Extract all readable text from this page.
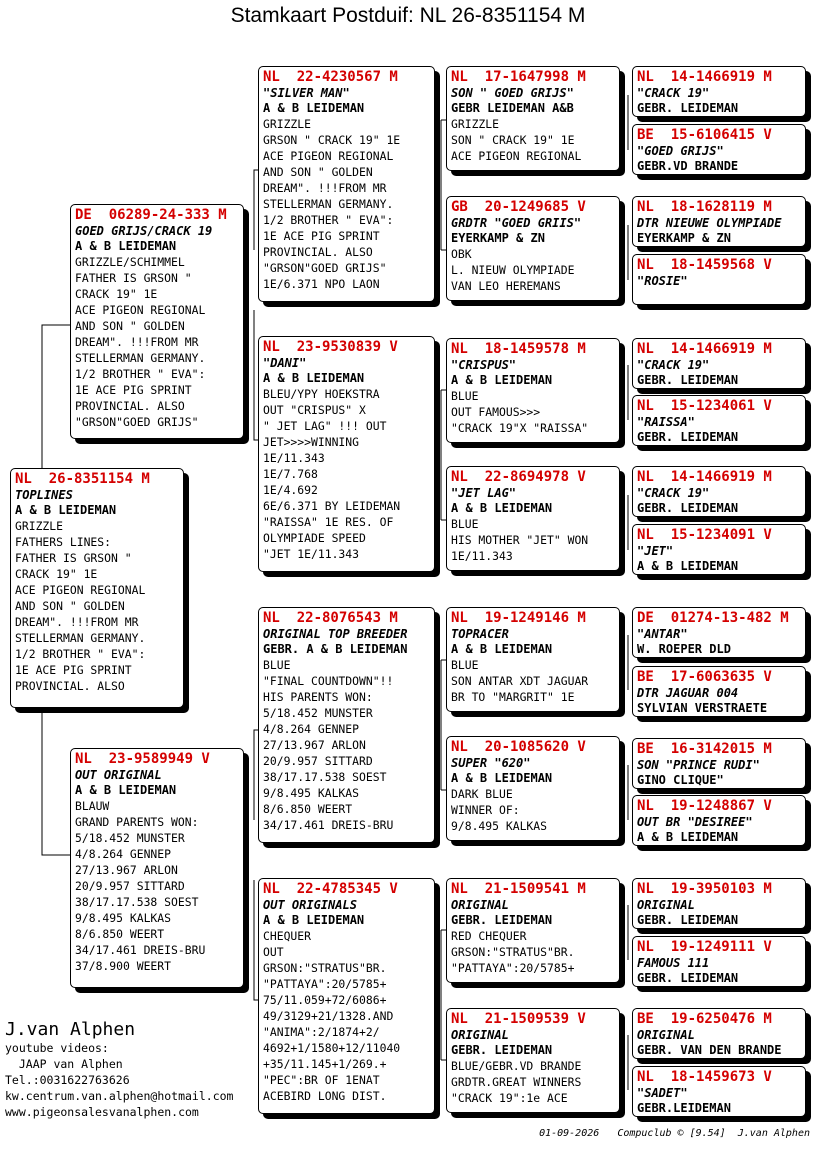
Stamkaart Postduif: NL 26-8351154 M
NL  26-8351154 M
TOPLINES
A & B LEIDEMAN
GRIZZLE
FATHERS LINES:
FATHER IS GRSON "
CRACK 19" 1E
ACE PIGEON REGIONAL
AND SON " GOLDEN
DREAM". !!!FROM MR
STELLERMAN GERMANY.
1/2 BROTHER " EVA":
1E ACE PIG SPRINT
PROVINCIAL. ALSO
DE  06289-24-333 M
GOED GRIJS/CRACK 19
A & B LEIDEMAN
GRIZZLE/SCHIMMEL
FATHER IS GRSON "
CRACK 19" 1E
ACE PIGEON REGIONAL
AND SON " GOLDEN
DREAM". !!!FROM MR
STELLERMAN GERMANY.
1/2 BROTHER " EVA":
1E ACE PIG SPRINT
PROVINCIAL. ALSO
"GRSON"GOED GRIJS"
NL  23-9589949 V
OUT ORIGINAL
A & B LEIDEMAN
BLAUW
GRAND PARENTS WON:
5/18.452 MUNSTER
4/8.264 GENNEP
27/13.967 ARLON
20/9.957 SITTARD
38/17.17.538 SOEST
9/8.495 KALKAS
8/6.850 WEERT
34/17.461 DREIS-BRU
37/8.900 WEERT
NL  22-4230567 M
"SILVER MAN"
A & B LEIDEMAN
GRIZZLE
GRSON " CRACK 19" 1E
ACE PIGEON REGIONAL
AND SON " GOLDEN
DREAM". !!!FROM MR
STELLERMAN GERMANY.
1/2 BROTHER " EVA":
1E ACE PIG SPRINT
PROVINCIAL. ALSO
"GRSON"GOED GRIJS"
1E/6.371 NPO LAON
NL  23-9530839 V
"DANI"
A & B LEIDEMAN
BLEU/YPY HOEKSTRA
OUT "CRISPUS" X
" JET LAG" !!! OUT
JET>>>>WINNING
1E/11.343
1E/7.768
1E/4.692
6E/6.371 BY LEIDEMAN
"RAISSA" 1E RES. OF
OLYMPIADE SPEED
"JET 1E/11.343
NL  22-8076543 M
ORIGINAL TOP BREEDER
GEBR. A & B LEIDEMAN
BLUE
"FINAL COUNTDOWN"!!
HIS PARENTS WON:
5/18.452 MUNSTER
4/8.264 GENNEP
27/13.967 ARLON
20/9.957 SITTARD
38/17.17.538 SOEST
9/8.495 KALKAS
8/6.850 WEERT
34/17.461 DREIS-BRU
NL  22-4785345 V
OUT ORIGINALS
A & B LEIDEMAN
CHEQUER
OUT
GRSON:"STRATUS"BR.
"PATTAYA":20/5785+
75/11.059+72/6086+
49/3129+21/1328.AND
"ANIMA":2/1874+2/
4692+1/1580+12/11040
+35/11.145+1/269.+
"PEC":BR OF 1ENAT
ACEBIRD LONG DIST.
NL  17-1647998 M
SON " GOED GRIJS"
GEBR LEIDEMAN A&B
GRIZZLE
SON " CRACK 19" 1E
ACE PIGEON REGIONAL
GB  20-1249685 V
GRDTR "GOED GRIIS"
EYERKAMP & ZN
OBK
L. NIEUW OLYMPIADE
VAN LEO HEREMANS
NL  18-1459578 M
"CRISPUS"
A & B LEIDEMAN
BLUE
OUT FAMOUS>>>
"CRACK 19"X "RAISSA"
NL  22-8694978 V
"JET LAG"
A & B LEIDEMAN
BLUE
HIS MOTHER "JET" WON
1E/11.343
NL  19-1249146 M
TOPRACER
A & B LEIDEMAN
BLUE
SON ANTAR XDT JAGUAR
BR TO "MARGRIT" 1E
NL  20-1085620 V
SUPER "620"
A & B LEIDEMAN
DARK BLUE
WINNER OF:
9/8.495 KALKAS
NL  21-1509541 M
ORIGINAL
GEBR. LEIDEMAN
RED CHEQUER
GRSON:"STRATUS"BR.
"PATTAYA":20/5785+
NL  21-1509539 V
ORIGINAL
GEBR. LEIDEMAN
BLUE/GEBR.VD BRANDE
GRDTR.GREAT WINNERS
"CRACK 19":1e ACE
NL  14-1466919 M
"CRACK 19"
GEBR. LEIDEMAN
BE  15-6106415 V
"GOED GRIJS"
GEBR.VD BRANDE
NL  18-1628119 M
DTR NIEUWE OLYMPIADE
EYERKAMP & ZN
NL  18-1459568 V
"ROSIE"
NL  14-1466919 M
"CRACK 19"
GEBR. LEIDEMAN
NL  15-1234061 V
"RAISSA"
GEBR. LEIDEMAN
NL  14-1466919 M
"CRACK 19"
GEBR. LEIDEMAN
NL  15-1234091 V
"JET"
A & B LEIDEMAN
DE  01274-13-482 M
"ANTAR"
W. ROEPER DLD
BE  17-6063635 V
DTR JAGUAR 004
SYLVIAN VERSTRAETE
BE  16-3142015 M
SON "PRINCE RUDI"
GINO CLIQUE"
NL  19-1248867 V
OUT BR "DESIREE"
A & B LEIDEMAN
NL  19-3950103 M
ORIGINAL
GEBR. LEIDEMAN
NL  19-1249111 V
FAMOUS 111
GEBR. LEIDEMAN
BE  19-6250476 M
ORIGINAL
GEBR. VAN DEN BRANDE
NL  18-1459673 V
"SADET"
GEBR.LEIDEMAN
J.van Alphen
youtube videos:
JAAP van Alphen
Tel.:0031622763626
kw.centrum.van.alphen@hotmail.com
www.pigeonsalesvanalphen.com
01-09-2026   Compuclub © [9.54]  J.van Alphen
